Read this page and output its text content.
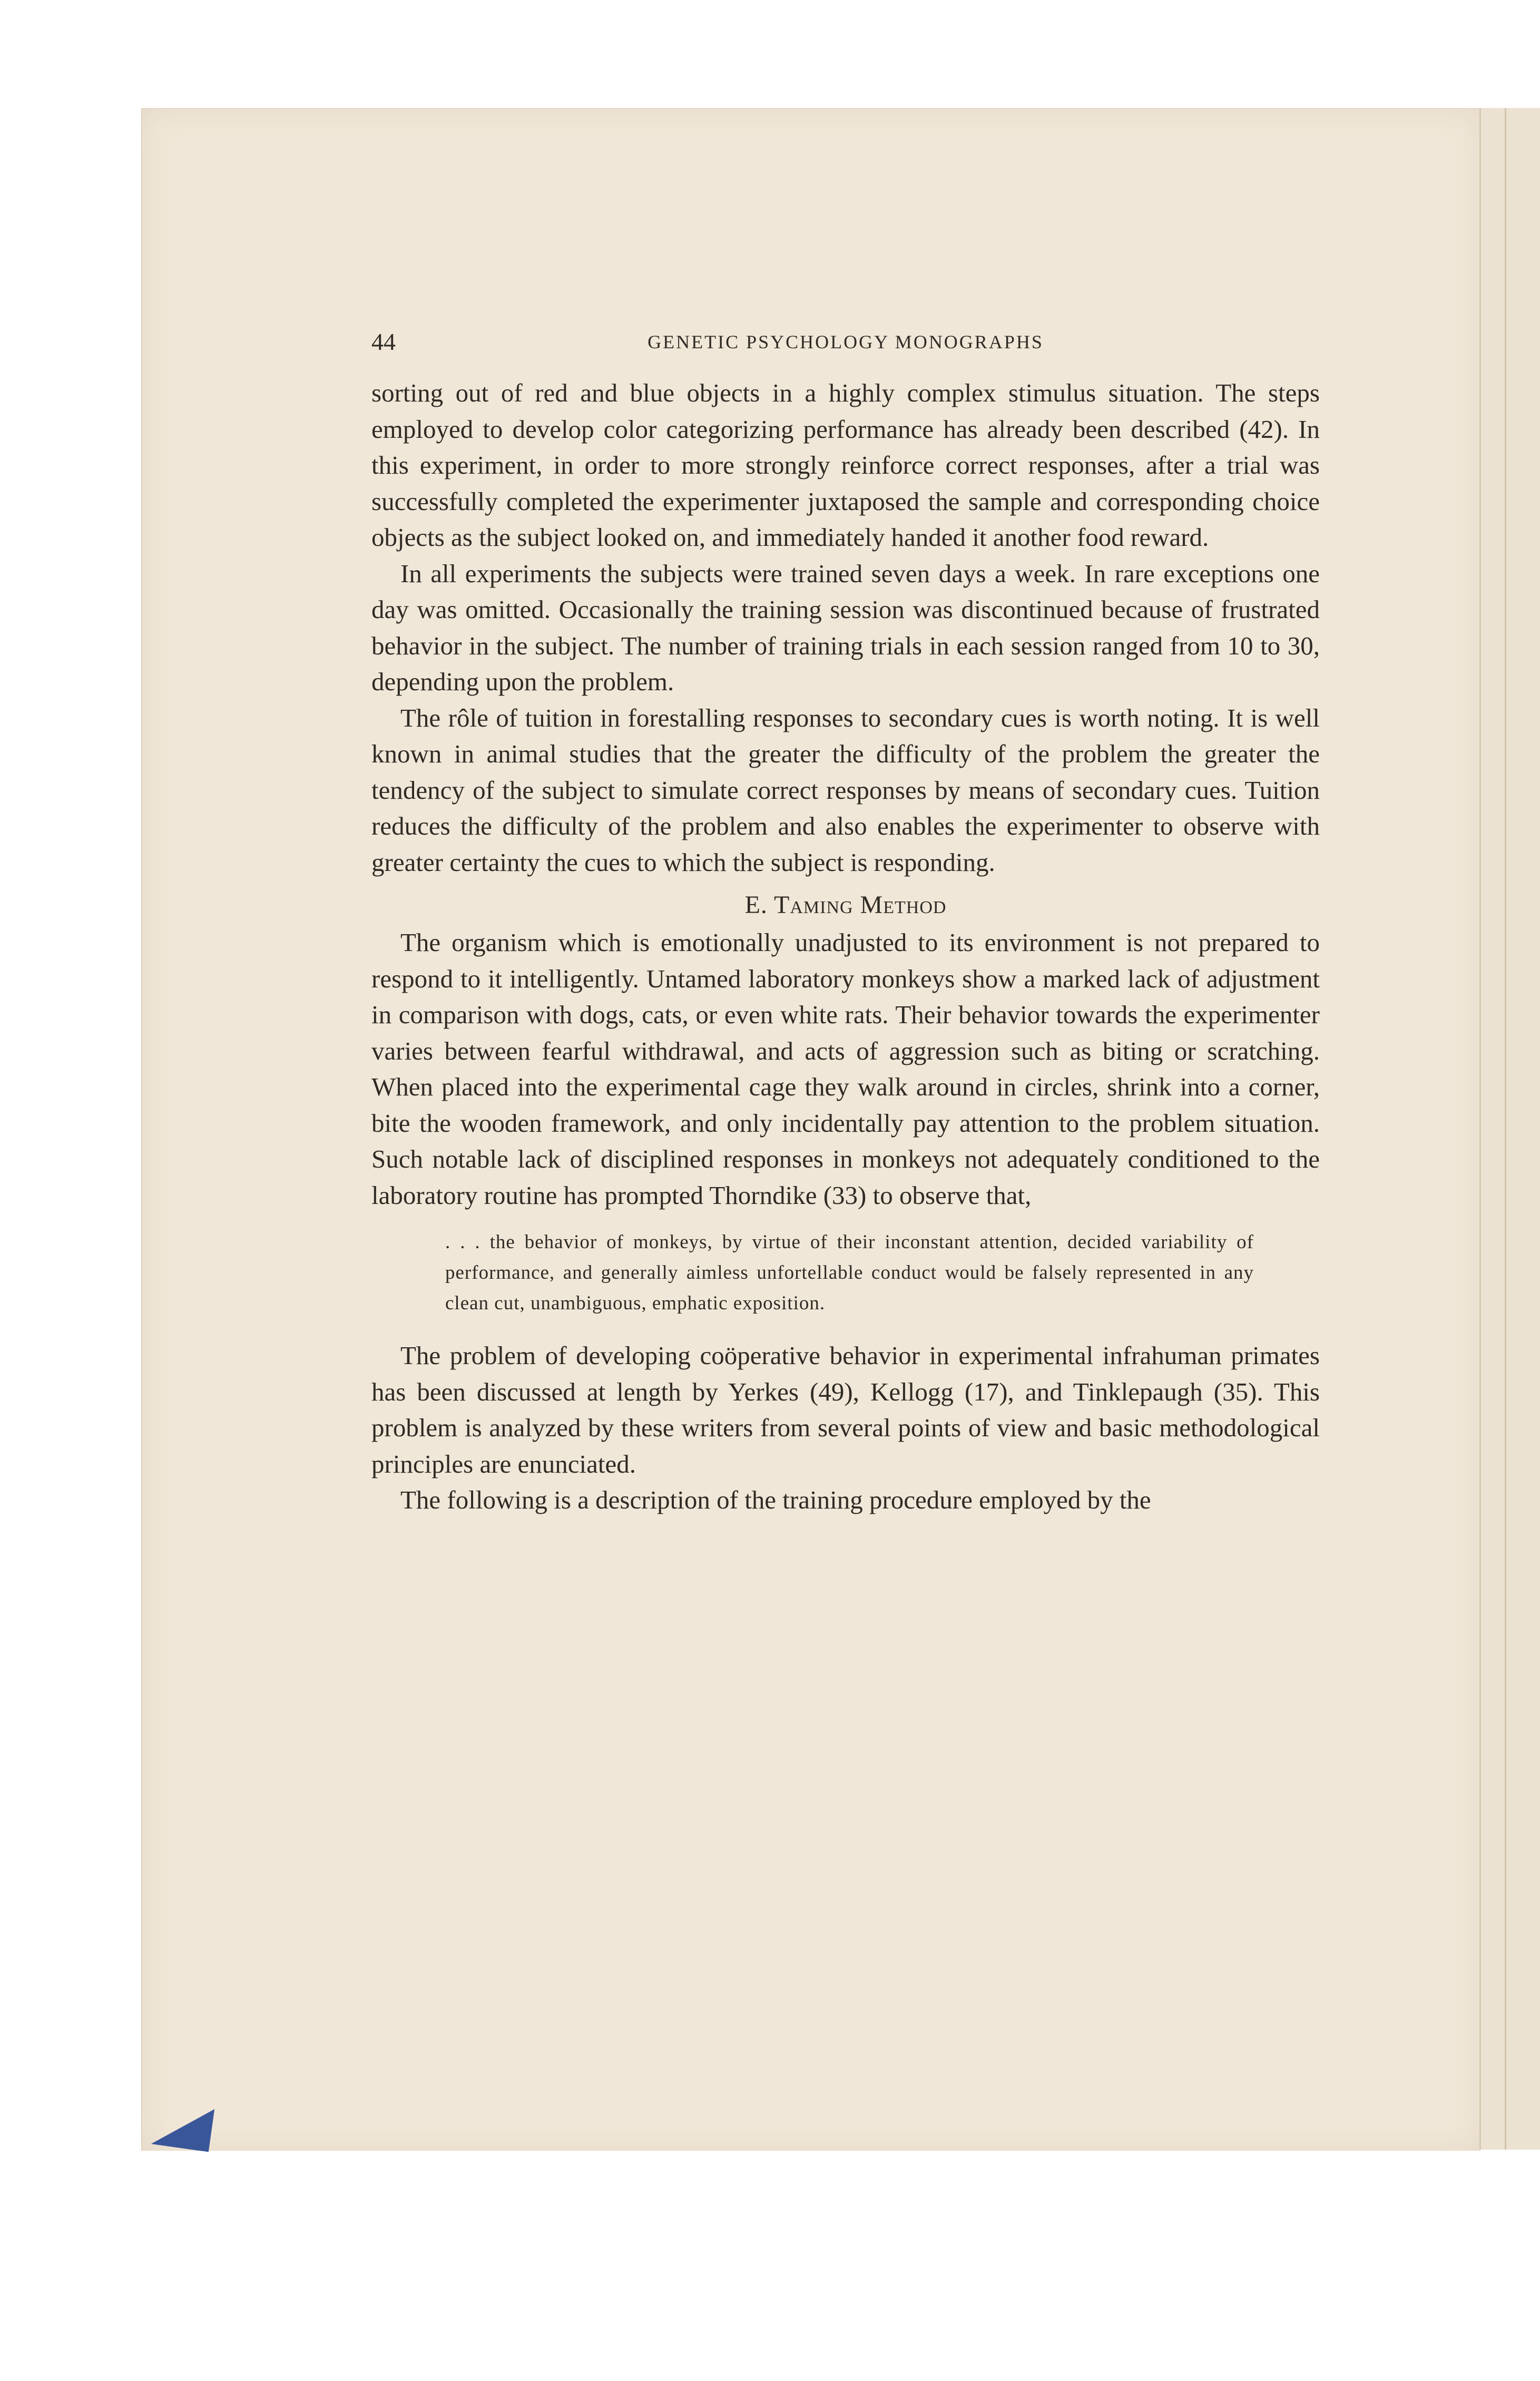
44	GENETIC PSYCHOLOGY MONOGRAPHS

sorting out of red and blue objects in a highly complex stimulus situation. The steps employed to develop color categorizing performance has already been described (42). In this experiment, in order to more strongly reinforce correct responses, after a trial was successfully completed the experimenter juxtaposed the sample and corresponding choice objects as the subject looked on, and immediately handed it another food reward.

In all experiments the subjects were trained seven days a week. In rare exceptions one day was omitted. Occasionally the training session was discontinued because of frustrated behavior in the subject. The number of training trials in each session ranged from 10 to 30, depending upon the problem.

The rôle of tuition in forestalling responses to secondary cues is worth noting. It is well known in animal studies that the greater the difficulty of the problem the greater the tendency of the subject to simulate correct responses by means of secondary cues. Tuition reduces the difficulty of the problem and also enables the experimenter to observe with greater certainty the cues to which the subject is responding.

E. Taming Method

The organism which is emotionally unadjusted to its environment is not prepared to respond to it intelligently. Untamed laboratory monkeys show a marked lack of adjustment in comparison with dogs, cats, or even white rats. Their behavior towards the experimenter varies between fearful withdrawal, and acts of aggression such as biting or scratching. When placed into the experimental cage they walk around in circles, shrink into a corner, bite the wooden framework, and only incidentally pay attention to the problem situation. Such notable lack of disciplined responses in monkeys not adequately conditioned to the laboratory routine has prompted Thorndike (33) to observe that,

. . . the behavior of monkeys, by virtue of their inconstant attention, decided variability of performance, and generally aimless unfortellable conduct would be falsely represented in any clean cut, unambiguous, emphatic exposition.

The problem of developing coöperative behavior in experimental infrahuman primates has been discussed at length by Yerkes (49), Kellogg (17), and Tinklepaugh (35). This problem is analyzed by these writers from several points of view and basic methodological principles are enunciated.

The following is a description of the training procedure employed by the
